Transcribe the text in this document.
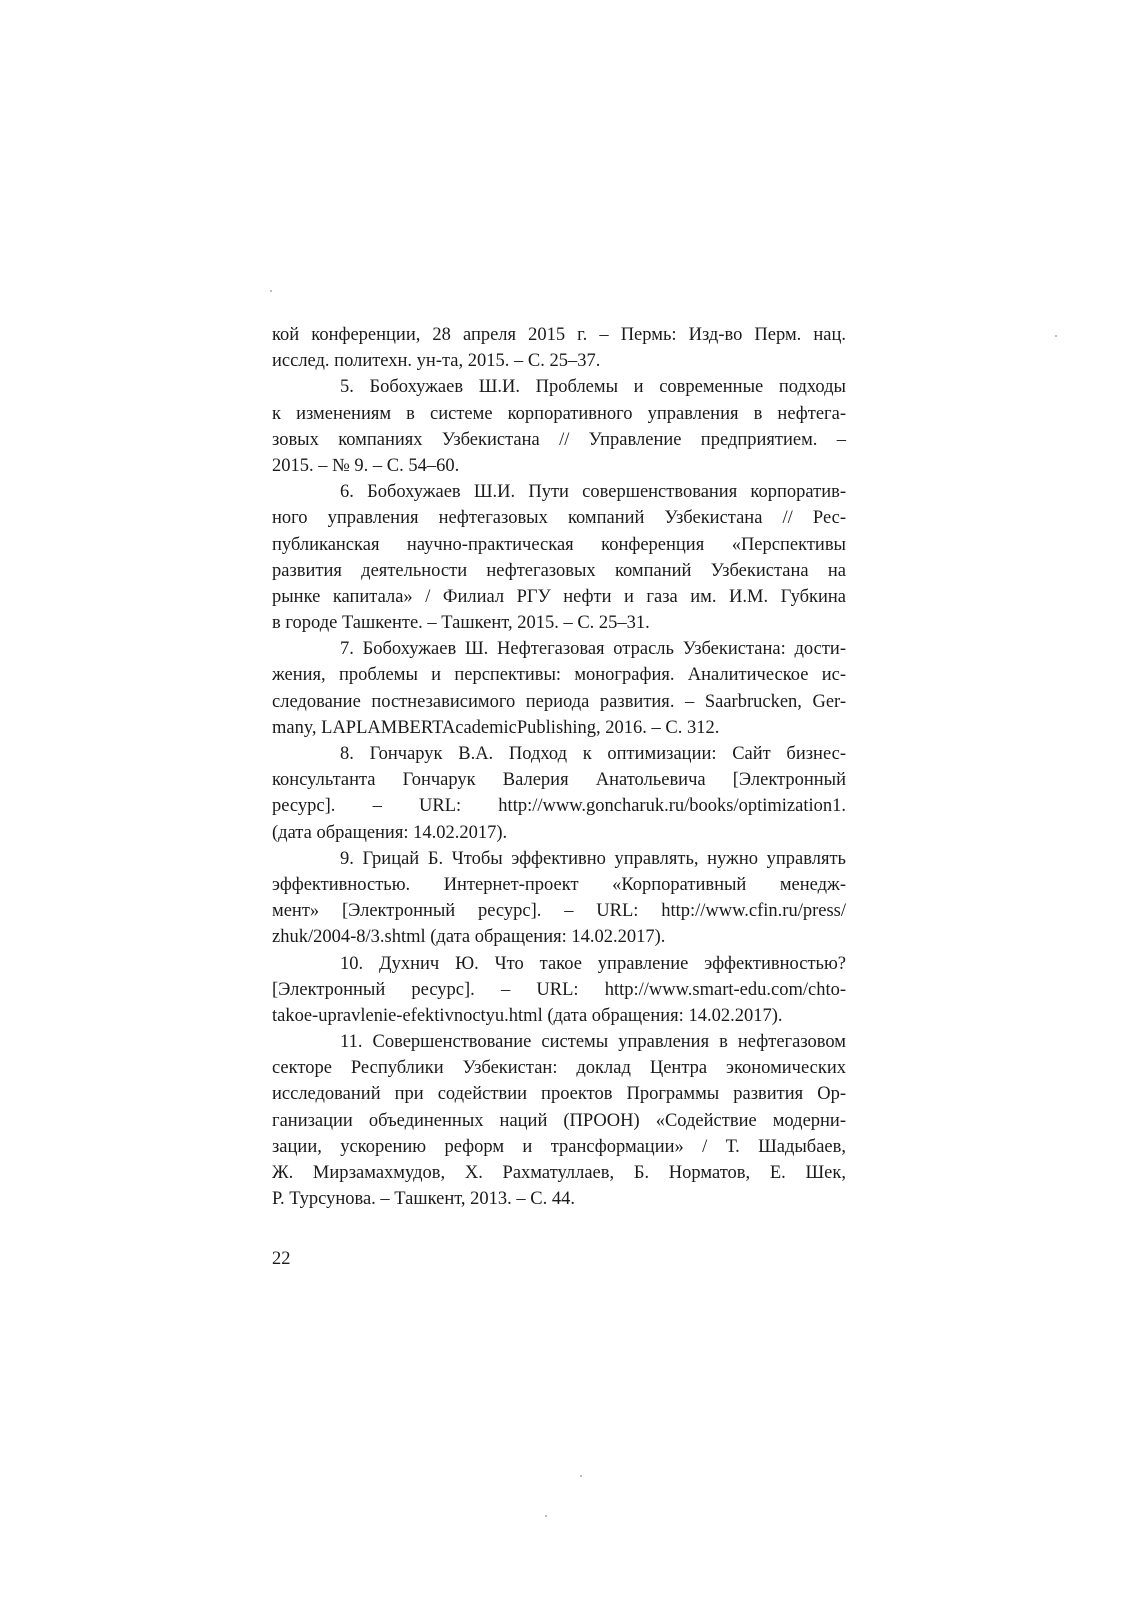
кой конференции, 28 апреля 2015 г. – Пермь: Изд-во Перм. нац.
исслед. политехн. ун-та, 2015. – С. 25–37.
5. Бобохужаев Ш.И. Проблемы и современные подходы
к изменениям в системе корпоративного управления в нефтега-
зовых компаниях Узбекистана // Управление предприятием. –
2015. – № 9. – С. 54–60.
6. Бобохужаев Ш.И. Пути совершенствования корпоратив-
ного управления нефтегазовых компаний Узбекистана // Рес-
публиканская научно-практическая конференция «Перспективы
развития деятельности нефтегазовых компаний Узбекистана на
рынке капитала» / Филиал РГУ нефти и газа им. И.М. Губкина
в городе Ташкенте. – Ташкент, 2015. – С. 25–31.
7. Бобохужаев Ш. Нефтегазовая отрасль Узбекистана: дости-
жения, проблемы и перспективы: монография. Аналитическое ис-
следование постнезависимого периода развития. – Saarbrucken, Ger-
many, LAPLAMBERTAcademicPublishing, 2016. – С. 312.
8. Гончарук В.А. Подход к оптимизации: Сайт бизнес-
консультанта Гончарук Валерия Анатольевича [Электронный
ресурс]. – URL: http://www.goncharuk.ru/books/optimization1.
(дата обращения: 14.02.2017).
9. Грицай Б. Чтобы эффективно управлять, нужно управлять
эффективностью. Интернет-проект «Корпоративный менедж-
мент» [Электронный ресурс]. – URL: http://www.cfin.ru/press/
zhuk/2004-8/3.shtml (дата обращения: 14.02.2017).
10. Духнич Ю. Что такое управление эффективностью?
[Электронный ресурс]. – URL: http://www.smart-edu.com/chto-
takoe-upravlenie-efektivnoctyu.html (дата обращения: 14.02.2017).
11. Совершенствование системы управления в нефтегазовом
секторе Республики Узбекистан: доклад Центра экономических
исследований при содействии проектов Программы развития Ор-
ганизации объединенных наций (ПРООН) «Содействие модерни-
зации, ускорению реформ и трансформации» / Т. Шадыбаев,
Ж. Мирзамахмудов, Х. Рахматуллаев, Б. Норматов, Е. Шек,
Р. Турсунова. – Ташкент, 2013. – С. 44.
22
